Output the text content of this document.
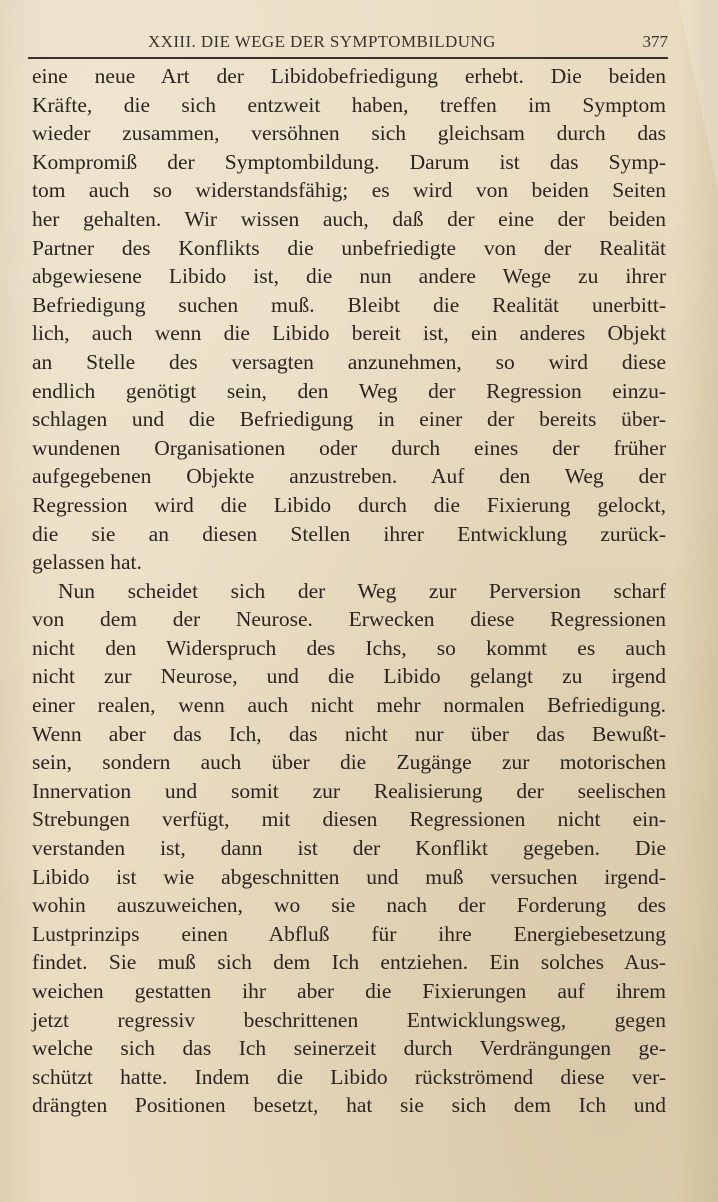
XXIII. DIE WEGE DER SYMPTOMBILDUNG	377
eine neue Art der Libidobefriedigung erhebt. Die beiden
Kräfte, die sich entzweit haben, treffen im Symptom
wieder zusammen, versöhnen sich gleichsam durch das
Kompromiß der Symptombildung. Darum ist das Symp-
tom auch so widerstandsfähig; es wird von beiden Seiten
her gehalten. Wir wissen auch, daß der eine der beiden
Partner des Konflikts die unbefriedigte von der Realität
abgewiesene Libido ist, die nun andere Wege zu ihrer
Befriedigung suchen muß. Bleibt die Realität unerbitt-
lich, auch wenn die Libido bereit ist, ein anderes Objekt
an Stelle des versagten anzunehmen, so wird diese
endlich genötigt sein, den Weg der Regression einzu-
schlagen und die Befriedigung in einer der bereits über-
wundenen Organisationen oder durch eines der früher
aufgegebenen Objekte anzustreben. Auf den Weg der
Regression wird die Libido durch die Fixierung gelockt,
die sie an diesen Stellen ihrer Entwicklung zurück-
gelassen hat.
Nun scheidet sich der Weg zur Perversion scharf
von dem der Neurose. Erwecken diese Regressionen
nicht den Widerspruch des Ichs, so kommt es auch
nicht zur Neurose, und die Libido gelangt zu irgend
einer realen, wenn auch nicht mehr normalen Befriedigung.
Wenn aber das Ich, das nicht nur über das Bewußt-
sein, sondern auch über die Zugänge zur motorischen
Innervation und somit zur Realisierung der seelischen
Strebungen verfügt, mit diesen Regressionen nicht ein-
verstanden ist, dann ist der Konflikt gegeben. Die
Libido ist wie abgeschnitten und muß versuchen irgend-
wohin auszuweichen, wo sie nach der Forderung des
Lustprinzips einen Abfluß für ihre Energiebesetzung
findet. Sie muß sich dem Ich entziehen. Ein solches Aus-
weichen gestatten ihr aber die Fixierungen auf ihrem
jetzt regressiv beschrittenen Entwicklungsweg, gegen
welche sich das Ich seinerzeit durch Verdrängungen ge-
schützt hatte. Indem die Libido rückströmend diese ver-
drängten Positionen besetzt, hat sie sich dem Ich und
